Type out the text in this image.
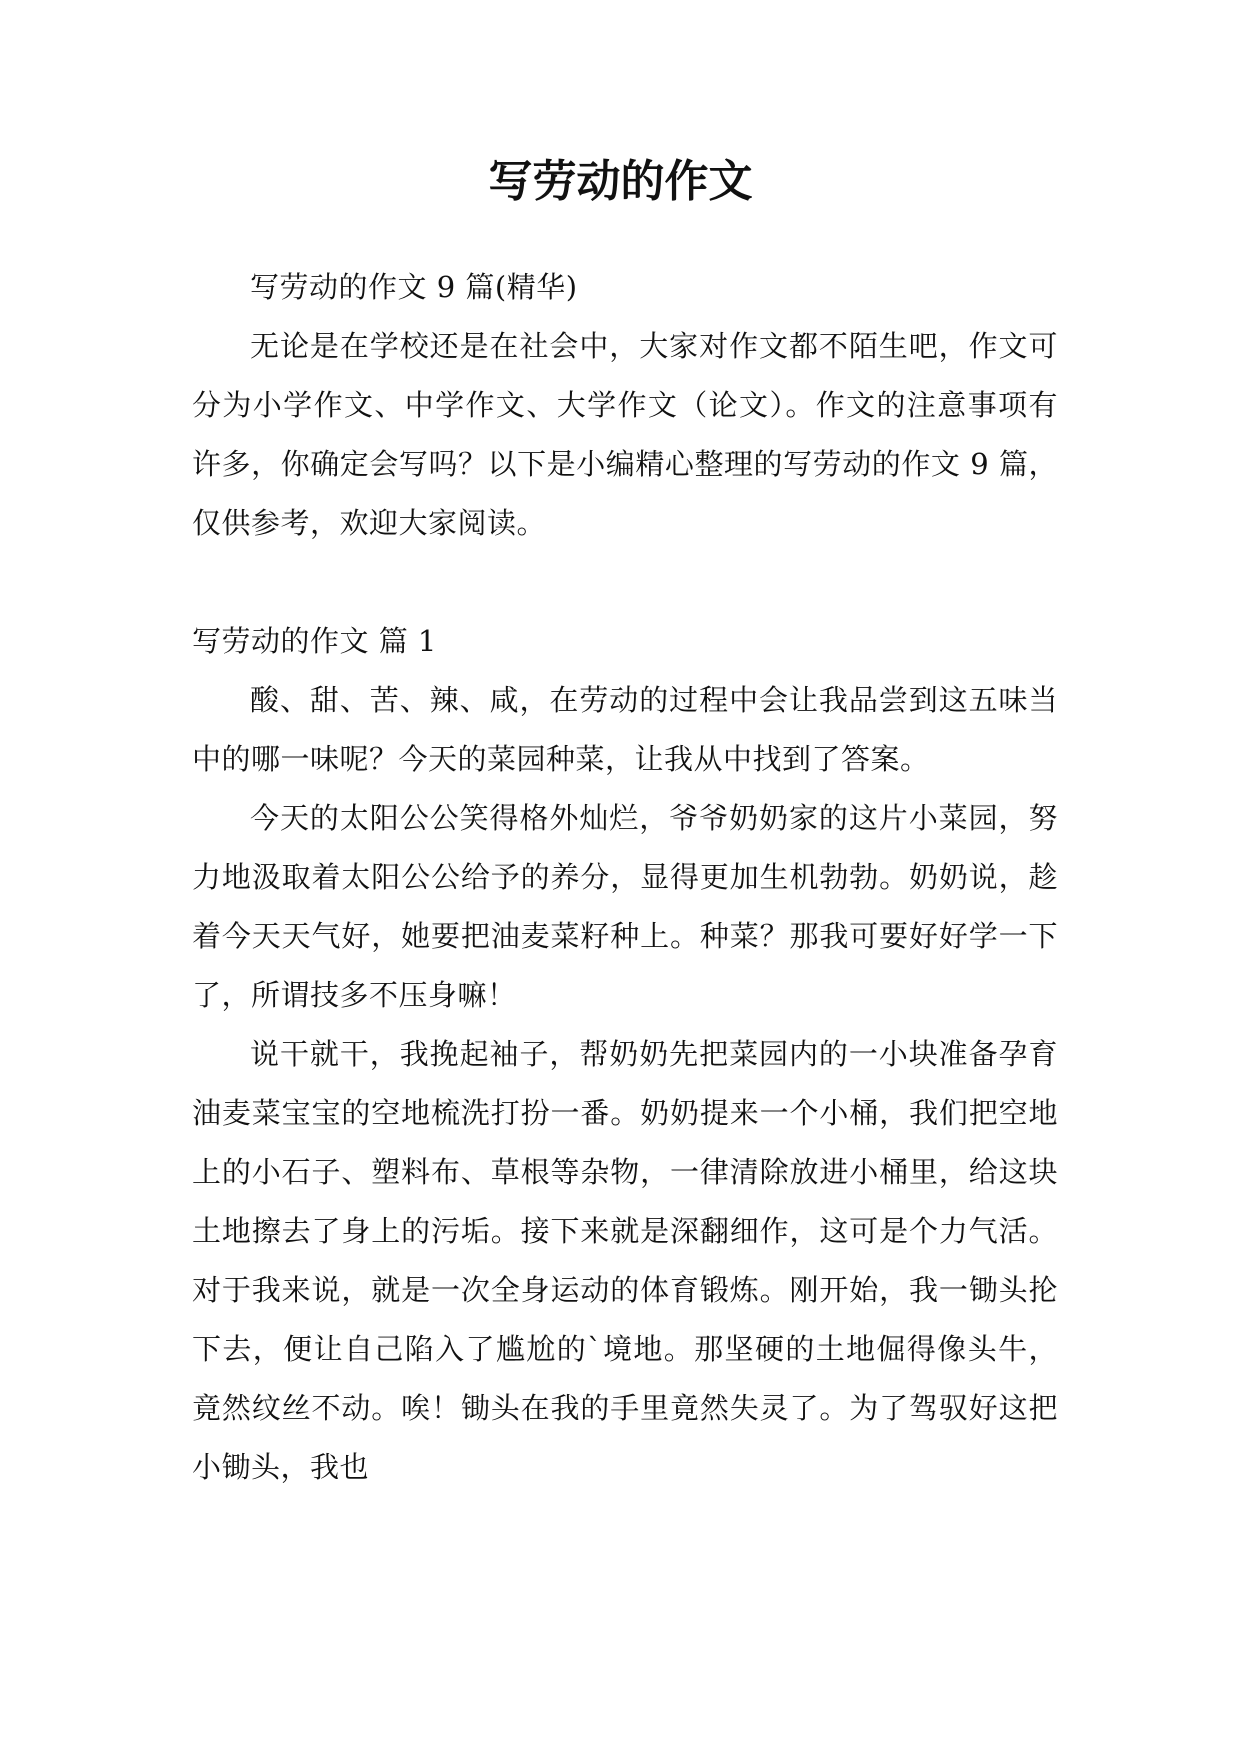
写劳动的作文

写劳动的作文 9 篇(精华)

无论是在学校还是在社会中，大家对作文都不陌生吧，作文可分为小学作文、中学作文、大学作文（论文）。作文的注意事项有许多，你确定会写吗？以下是小编精心整理的写劳动的作文 9 篇，仅供参考，欢迎大家阅读。

写劳动的作文 篇 1

酸、甜、苦、辣、咸，在劳动的过程中会让我品尝到这五味当中的哪一味呢？今天的菜园种菜，让我从中找到了答案。

今天的太阳公公笑得格外灿烂，爷爷奶奶家的这片小菜园，努力地汲取着太阳公公给予的养分，显得更加生机勃勃。奶奶说，趁着今天天气好，她要把油麦菜籽种上。种菜？那我可要好好学一下了，所谓技多不压身嘛！

说干就干，我挽起袖子，帮奶奶先把菜园内的一小块准备孕育油麦菜宝宝的空地梳洗打扮一番。奶奶提来一个小桶，我们把空地上的小石子、塑料布、草根等杂物，一律清除放进小桶里，给这块土地擦去了身上的污垢。接下来就是深翻细作，这可是个力气活。对于我来说，就是一次全身运动的体育锻炼。刚开始，我一锄头抡下去，便让自己陷入了尴尬的`境地。那坚硬的土地倔得像头牛，竟然纹丝不动。唉！锄头在我的手里竟然失灵了。为了驾驭好这把小锄头，我也
